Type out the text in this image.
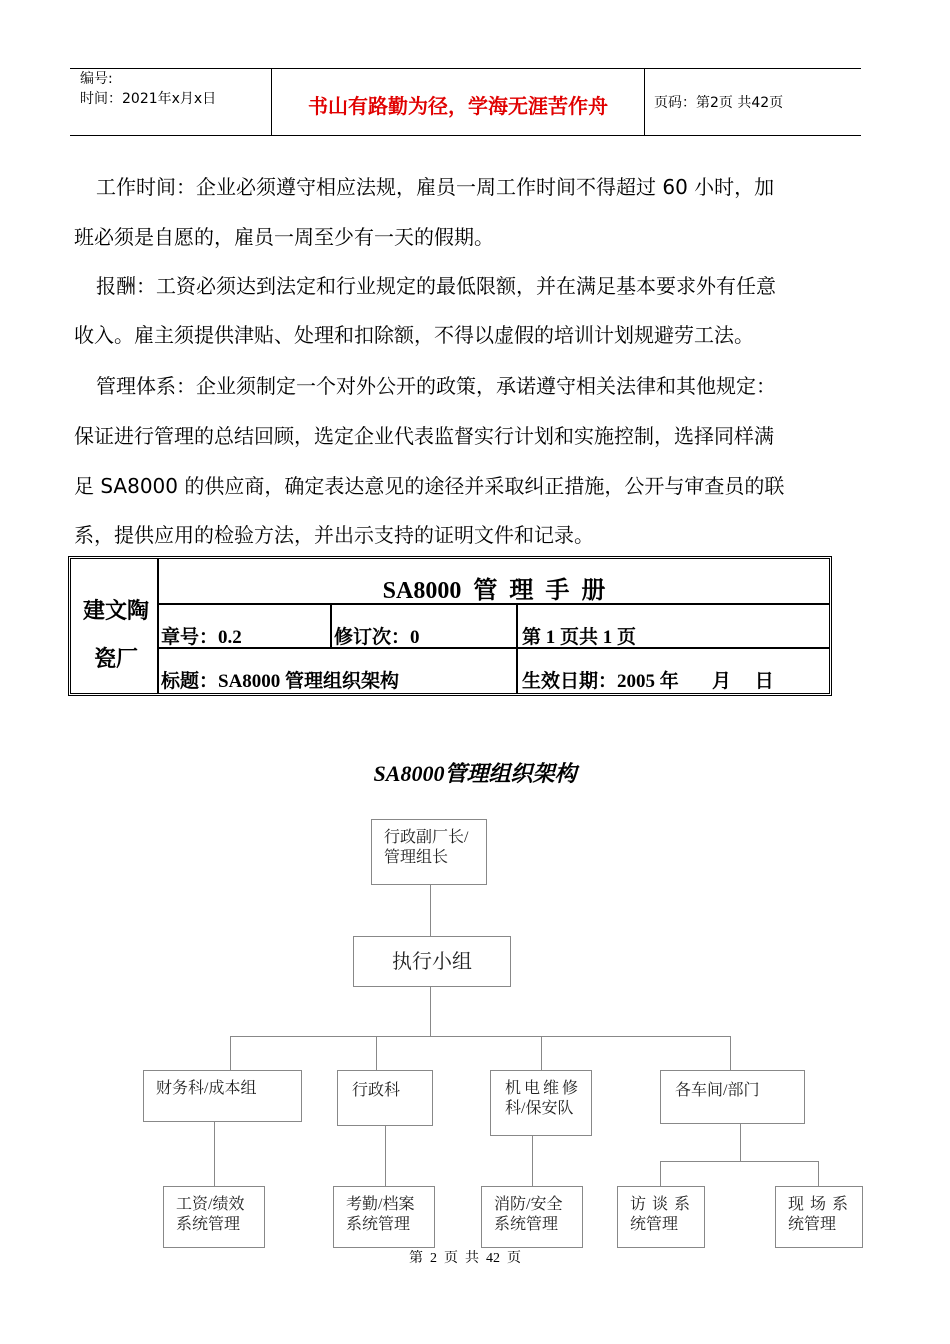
编号:
时间：2021年x月x日	书山有路勤为径，学海无涯苦作舟	页码：第2页 共42页
工作时间：企业必须遵守相应法规，雇员一周工作时间不得超过 60 小时，加
班必须是自愿的，雇员一周至少有一天的假期。
报酬：工资必须达到法定和行业规定的最低限额，并在满足基本要求外有任意
收入。雇主须提供津贴、处理和扣除额，不得以虚假的培训计划规避劳工法。
管理体系：企业须制定一个对外公开的政策，承诺遵守相关法律和其他规定：
保证进行管理的总结回顾，选定企业代表监督实行计划和实施控制，选择同样满
足 SA8000 的供应商，确定表达意见的途径并采取纠正措施，公开与审查员的联
系，提供应用的检验方法，并出示支持的证明文件和记录。
建文陶
瓷厂
SA8000  管  理  手  册
章号：0.2	修订次：0	第 1 页共 1 页
标题：SA8000 管理组织架构	生效日期：2005 年       月     日
SA8000管理组织架构
行政副厂长/
管理组长
执行小组
财务科/成本组	行政科	机电维修
科/保安队
各车间/部门
工资/绩效
系统管理
考勤/档案
系统管理
消防/安全
系统管理
访谈系
统管理
现场系
统管理
第  2  页  共  42  页
